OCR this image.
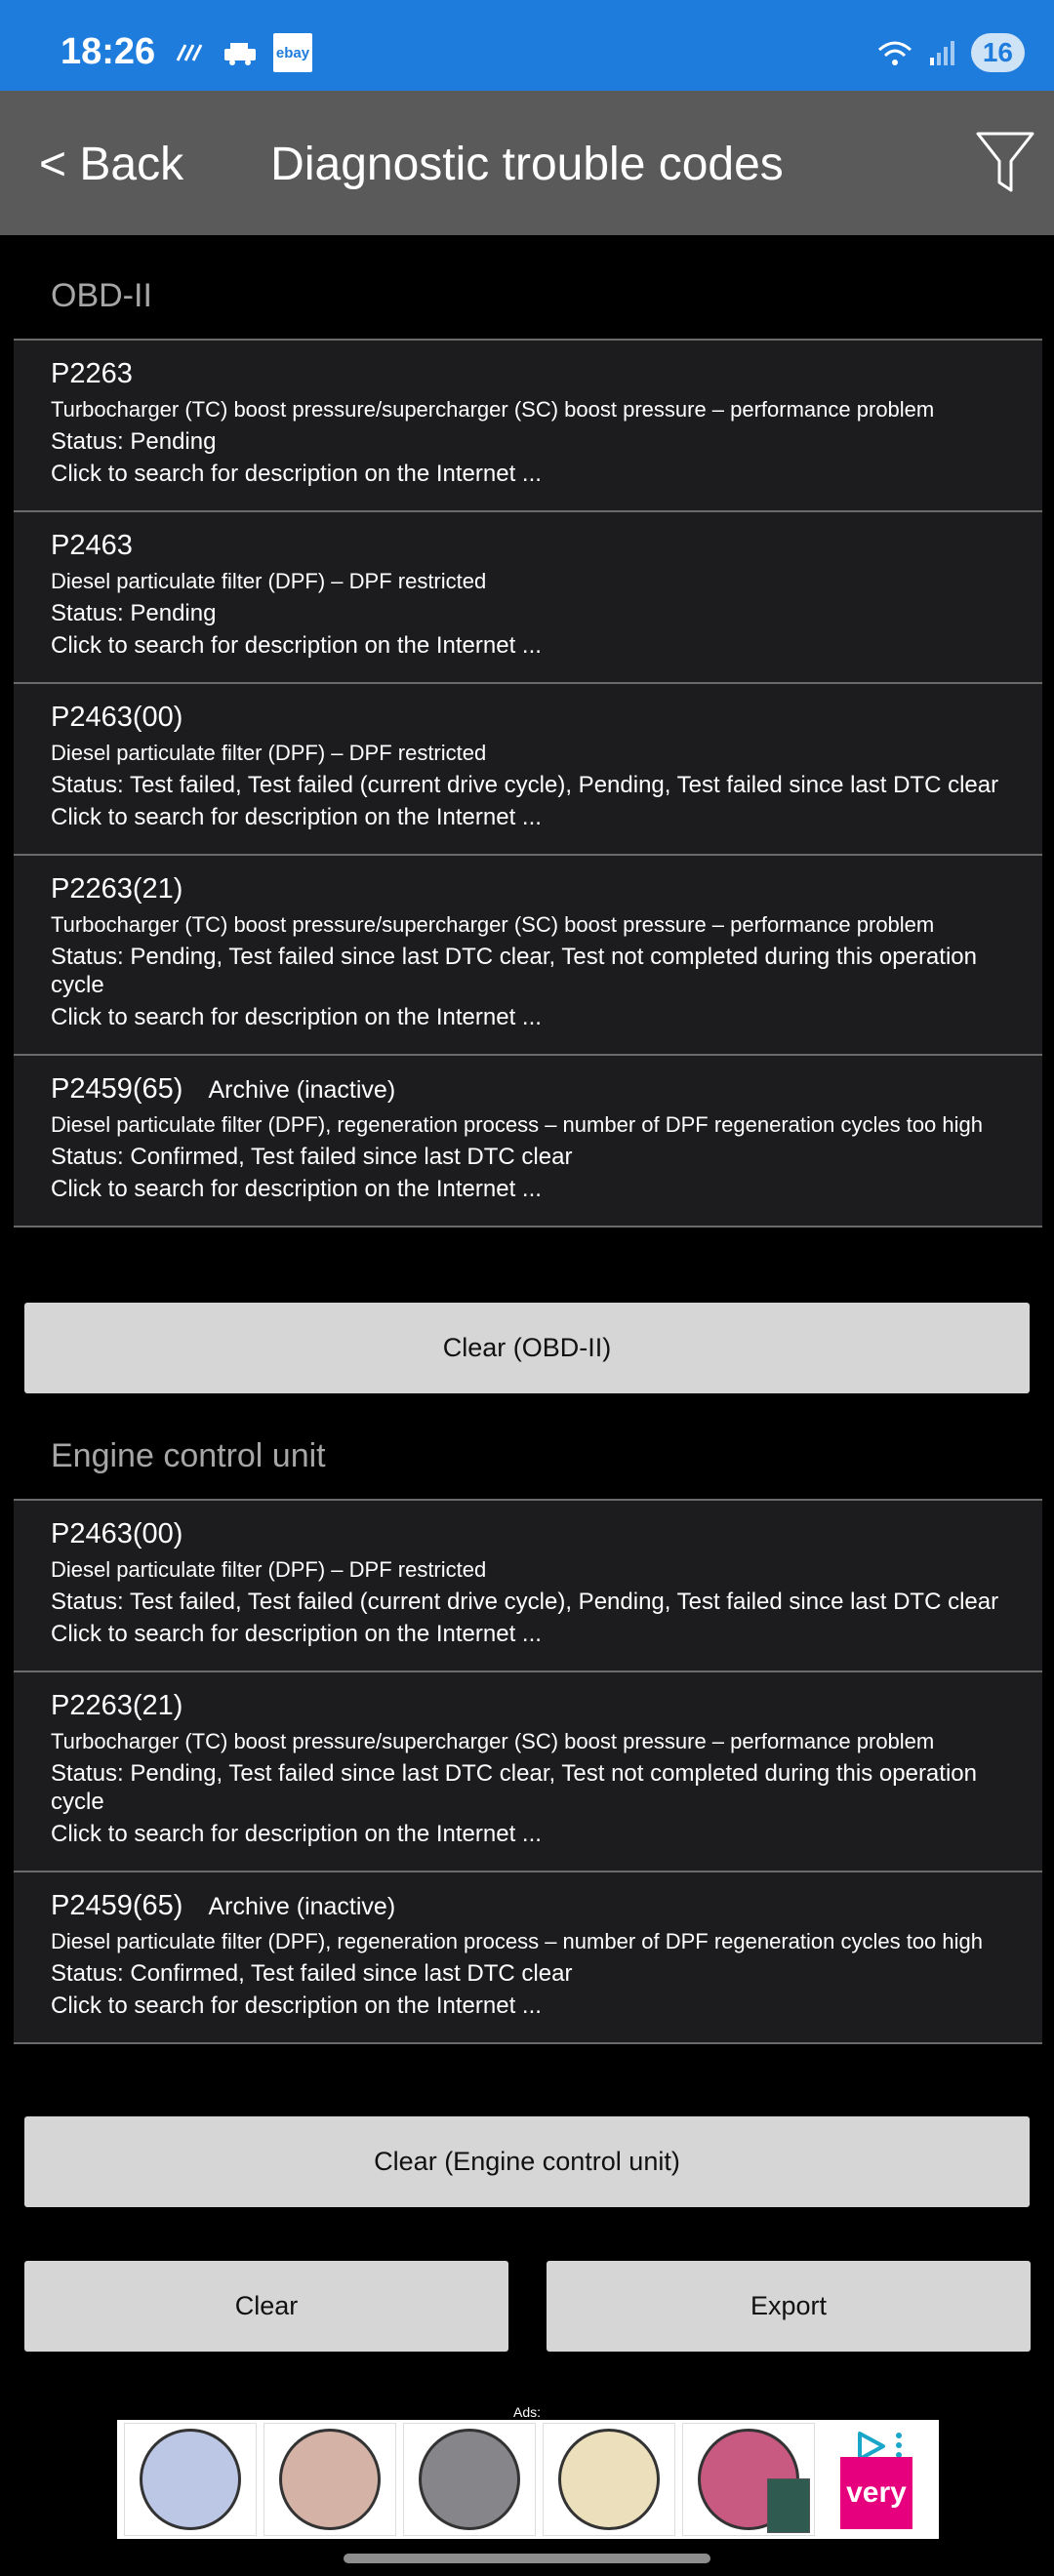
18:26	ebay	16
< Back	Diagnostic trouble codes
OBD-II
P2263
Turbocharger (TC) boost pressure/supercharger (SC) boost pressure – performance problem
Status: Pending
Click to search for description on the Internet ...
P2463
Diesel particulate filter (DPF) – DPF restricted
Status: Pending
Click to search for description on the Internet ...
P2463(00)
Diesel particulate filter (DPF) – DPF restricted
Status: Test failed, Test failed (current drive cycle), Pending, Test failed since last DTC clear
Click to search for description on the Internet ...
P2263(21)
Turbocharger (TC) boost pressure/supercharger (SC) boost pressure – performance problem
Status: Pending, Test failed since last DTC clear, Test not completed during this operation cycle
Click to search for description on the Internet ...
P2459(65) Archive (inactive)
Diesel particulate filter (DPF), regeneration process – number of DPF regeneration cycles too high
Status: Confirmed, Test failed since last DTC clear
Click to search for description on the Internet ...
Clear (OBD-II)
Engine control unit
P2463(00)
Diesel particulate filter (DPF) – DPF restricted
Status: Test failed, Test failed (current drive cycle), Pending, Test failed since last DTC clear
Click to search for description on the Internet ...
P2263(21)
Turbocharger (TC) boost pressure/supercharger (SC) boost pressure – performance problem
Status: Pending, Test failed since last DTC clear, Test not completed during this operation cycle
Click to search for description on the Internet ...
P2459(65) Archive (inactive)
Diesel particulate filter (DPF), regeneration process – number of DPF regeneration cycles too high
Status: Confirmed, Test failed since last DTC clear
Click to search for description on the Internet ...
Clear (Engine control unit)
Clear	Export
Ads:
very
